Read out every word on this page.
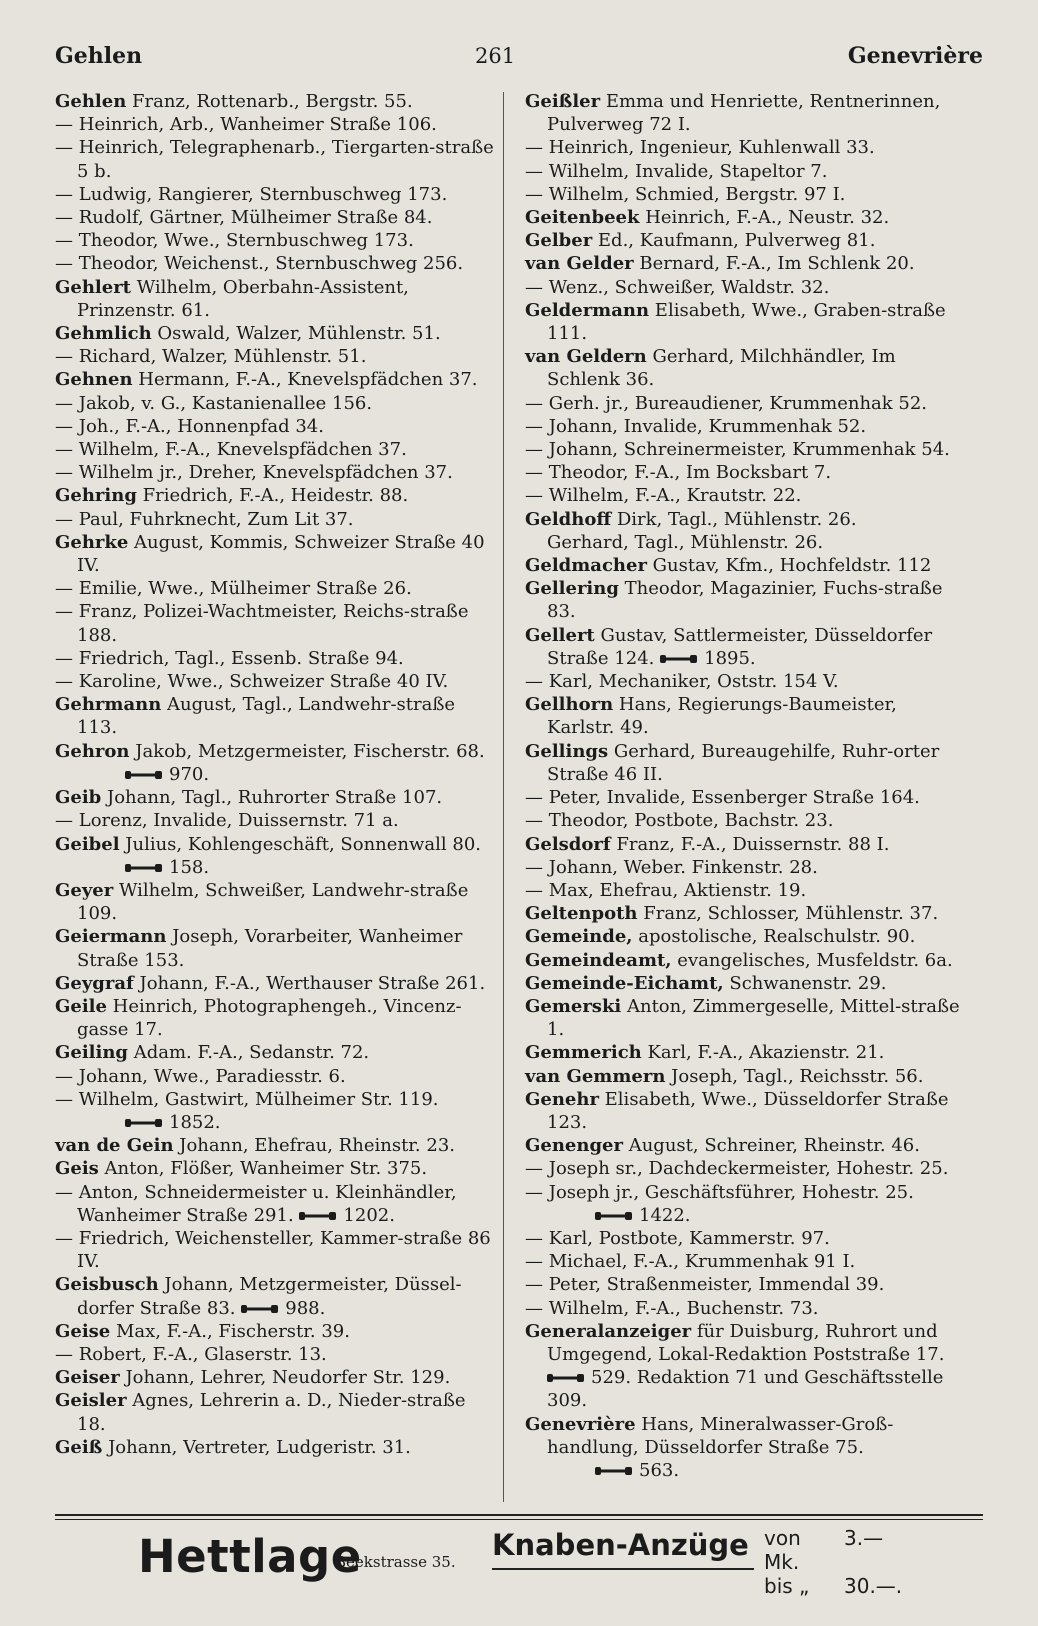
Gehlen	261	Genevrière
Gehlen Franz, Rottenarb., Bergstr. 55.
— Heinrich, Arb., Wanheimer Straße 106.
— Heinrich, Telegraphenarb., Tiergarten-straße 5 b.
— Ludwig, Rangierer, Sternbuschweg 173.
— Rudolf, Gärtner, Mülheimer Straße 84.
— Theodor, Wwe., Sternbuschweg 173.
— Theodor, Weichenst., Sternbuschweg 256.
Gehlert Wilhelm, Oberbahn-Assistent, Prinzenstr. 61.
Gehmlich Oswald, Walzer, Mühlenstr. 51.
— Richard, Walzer, Mühlenstr. 51.
Gehnen Hermann, F.-A., Knevelspfädchen 37.
— Jakob, v. G., Kastanienallee 156.
— Joh., F.-A., Honnenpfad 34.
— Wilhelm, F.-A., Knevelspfädchen 37.
— Wilhelm jr., Dreher, Knevelspfädchen 37.
Gehring Friedrich, F.-A., Heidestr. 88.
— Paul, Fuhrknecht, Zum Lit 37.
Gehrke August, Kommis, Schweizer Straße 40 IV.
— Emilie, Wwe., Mülheimer Straße 26.
— Franz, Polizei-Wachtmeister, Reichs-straße 188.
— Friedrich, Tagl., Essenb. Straße 94.
— Karoline, Wwe., Schweizer Straße 40 IV.
Gehrmann August, Tagl., Landwehr-straße 113.
Gehron Jakob, Metzgermeister, Fischerstr. 68.
970.
Geib Johann, Tagl., Ruhrorter Straße 107.
— Lorenz, Invalide, Duissernstr. 71 a.
Geibel Julius, Kohlengeschäft, Sonnenwall 80.
158.
Geyer Wilhelm, Schweißer, Landwehr-straße 109.
Geiermann Joseph, Vorarbeiter, Wanheimer Straße 153.
Geygraf Johann, F.-A., Werthauser Straße 261.
Geile Heinrich, Photographengeh., Vincenz-gasse 17.
Geiling Adam. F.-A., Sedanstr. 72.
— Johann, Wwe., Paradiesstr. 6.
— Wilhelm, Gastwirt, Mülheimer Str. 119.
1852.
van de Gein Johann, Ehefrau, Rheinstr. 23.
Geis Anton, Flößer, Wanheimer Str. 375.
— Anton, Schneidermeister u. Kleinhändler, Wanheimer Straße 291.	1202.
— Friedrich, Weichensteller, Kammer-straße 86 IV.
Geisbusch Johann, Metzgermeister, Düssel-dorfer Straße 83.	988.
Geise Max, F.-A., Fischerstr. 39.
— Robert, F.-A., Glaserstr. 13.
Geiser Johann, Lehrer, Neudorfer Str. 129.
Geisler Agnes, Lehrerin a. D., Nieder-straße 18.
Geiß Johann, Vertreter, Ludgeristr. 31.
Geißler Emma und Henriette, Rentnerinnen, Pulverweg 72 I.
— Heinrich, Ingenieur, Kuhlenwall 33.
— Wilhelm, Invalide, Stapeltor 7.
— Wilhelm, Schmied, Bergstr. 97 I.
Geitenbeek Heinrich, F.-A., Neustr. 32.
Gelber Ed., Kaufmann, Pulverweg 81.
van Gelder Bernard, F.-A., Im Schlenk 20.
— Wenz., Schweißer, Waldstr. 32.
Geldermann Elisabeth, Wwe., Graben-straße 111.
van Geldern Gerhard, Milchhändler, Im Schlenk 36.
— Gerh. jr., Bureaudiener, Krummenhak 52.
— Johann, Invalide, Krummenhak 52.
— Johann, Schreinermeister, Krummenhak 54.
— Theodor, F.-A., Im Bocksbart 7.
— Wilhelm, F.-A., Krautstr. 22.
Geldhoff Dirk, Tagl., Mühlenstr. 26.
Gerhard, Tagl., Mühlenstr. 26.
Geldmacher Gustav, Kfm., Hochfeldstr. 112
Gellering Theodor, Magazinier, Fuchs-straße 83.
Gellert Gustav, Sattlermeister, Düsseldorfer Straße 124.	1895.
— Karl, Mechaniker, Oststr. 154 V.
Gellhorn Hans, Regierungs-Baumeister, Karlstr. 49.
Gellings Gerhard, Bureaugehilfe, Ruhr-orter Straße 46 II.
— Peter, Invalide, Essenberger Straße 164.
— Theodor, Postbote, Bachstr. 23.
Gelsdorf Franz, F.-A., Duissernstr. 88 I.
— Johann, Weber. Finkenstr. 28.
— Max, Ehefrau, Aktienstr. 19.
Geltenpoth Franz, Schlosser, Mühlenstr. 37.
Gemeinde, apostolische, Realschulstr. 90.
Gemeindeamt, evangelisches, Musfeldstr. 6a.
Gemeinde-Eichamt, Schwanenstr. 29.
Gemerski Anton, Zimmergeselle, Mittel-straße 1.
Gemmerich Karl, F.-A., Akazienstr. 21.
van Gemmern Joseph, Tagl., Reichsstr. 56.
Genehr Elisabeth, Wwe., Düsseldorfer Straße 123.
Genenger August, Schreiner, Rheinstr. 46.
— Joseph sr., Dachdeckermeister, Hohestr. 25.
— Joseph jr., Geschäftsführer, Hohestr. 25.
1422.
— Karl, Postbote, Kammerstr. 97.
— Michael, F.-A., Krummenhak 91 I.
— Peter, Straßenmeister, Immendal 39.
— Wilhelm, F.-A., Buchenstr. 73.
Generalanzeiger für Duisburg, Ruhrort und Umgegend, Lokal-Redaktion Poststraße 17. 529. Redaktion 71 und Geschäftsstelle 309.
Genevrière Hans, Mineralwasser-Groß-handlung, Düsseldorfer Straße 75.
563.
Hettlage
Beekstrasse 35. Knaben-Anzüge von Mk.
3.—
bis „	30.—.
